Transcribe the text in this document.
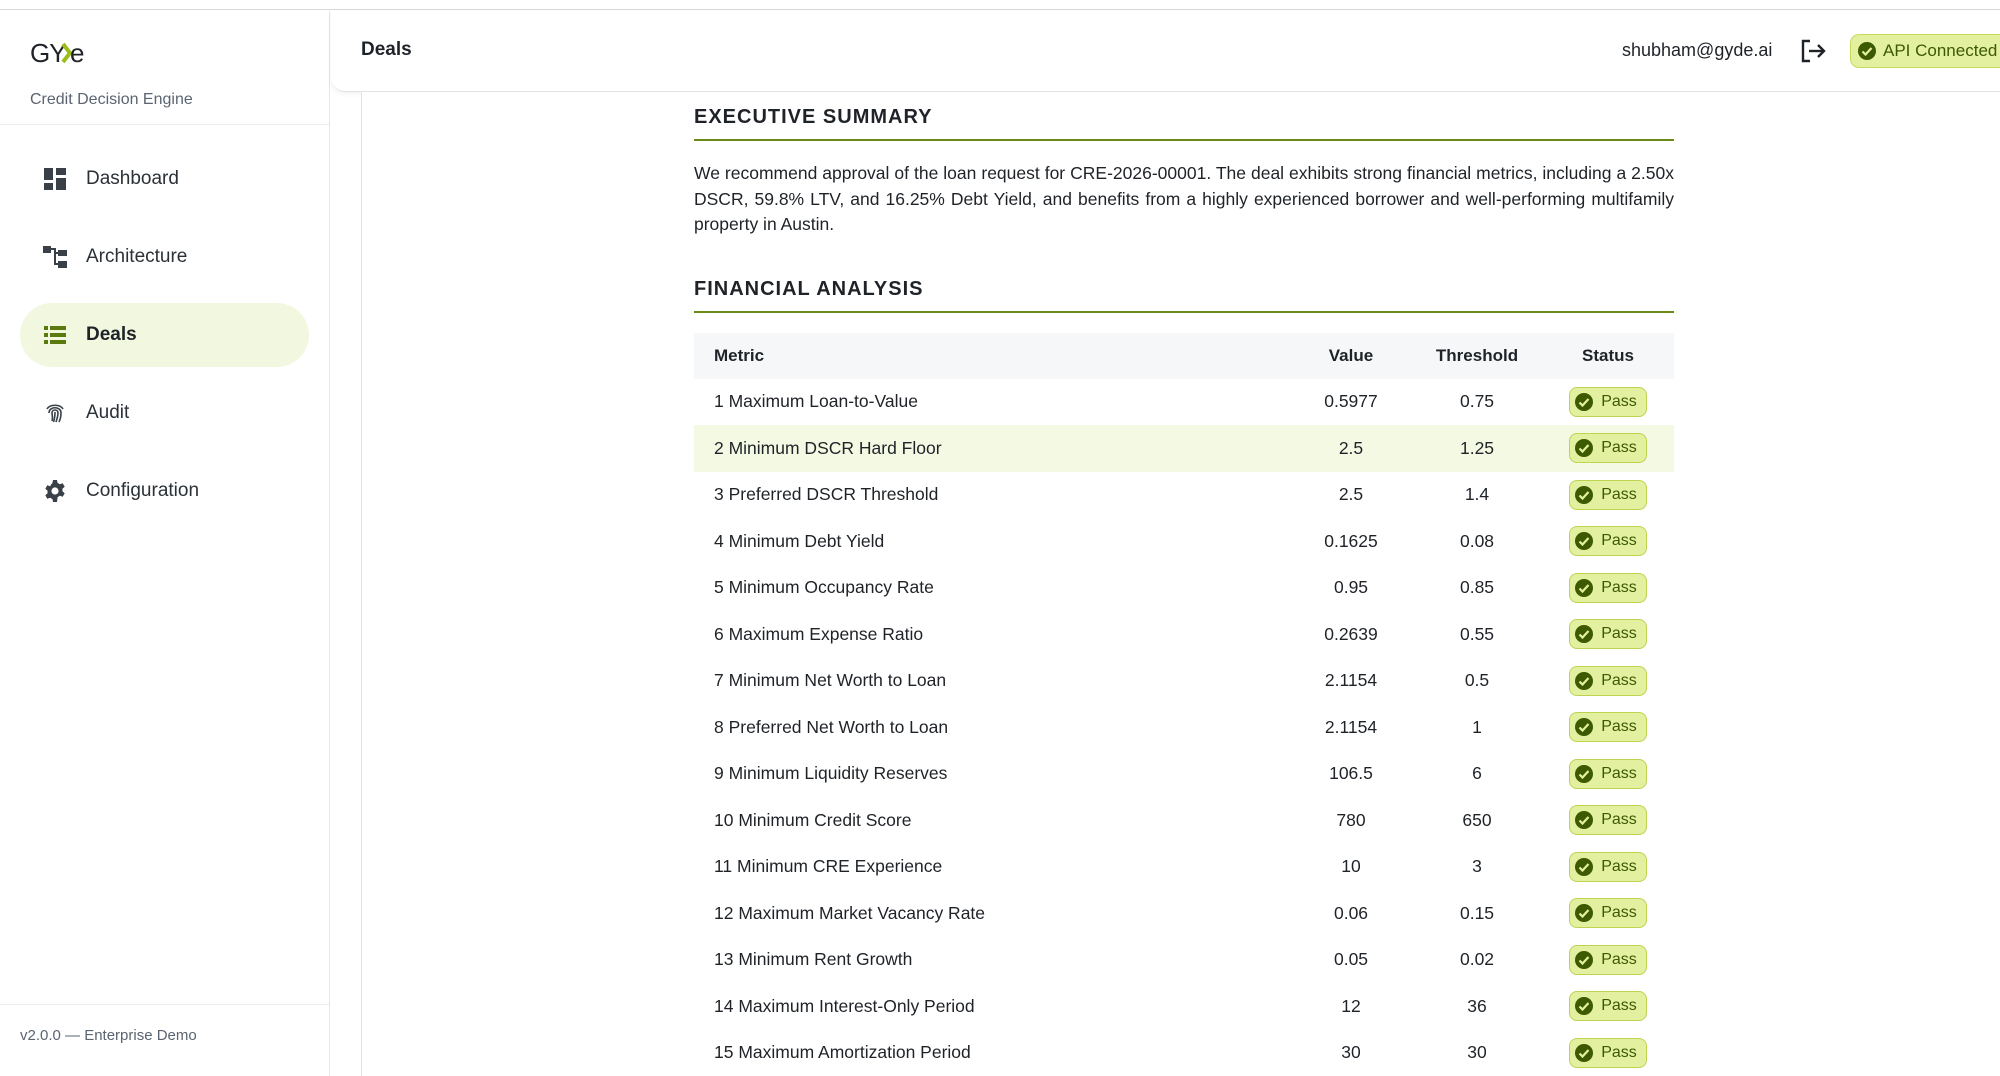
GY e
Credit Decision Engine
Dashboard
Architecture
Deals
Audit
Configuration
v2.0.0 — Enterprise Demo
Deals	shubham@gyde.ai	API Connected
EXECUTIVE SUMMARY

We recommend approval of the loan request for CRE-2026-00001. The deal exhibits strong financial metrics, including a 2.50x DSCR, 59.8% LTV, and 16.25% Debt Yield, and benefits from a highly experienced borrower and well-performing multifamily property in Austin.

FINANCIAL ANALYSIS
Metric	Value	Threshold	Status
1 Maximum Loan-to-Value	0.5977	0.75	Pass

2 Minimum DSCR Hard Floor	2.5	1.25	Pass

3 Preferred DSCR Threshold	2.5	1.4	Pass

4 Minimum Debt Yield	0.1625	0.08	Pass

5 Minimum Occupancy Rate	0.95	0.85	Pass

6 Maximum Expense Ratio	0.2639	0.55	Pass

7 Minimum Net Worth to Loan	2.1154	0.5	Pass

8 Preferred Net Worth to Loan	2.1154	1	Pass

9 Minimum Liquidity Reserves	106.5	6	Pass

10 Minimum Credit Score	780	650	Pass

11 Minimum CRE Experience	10	3	Pass

12 Maximum Market Vacancy Rate	0.06	0.15	Pass

13 Minimum Rent Growth	0.05	0.02	Pass

14 Maximum Interest-Only Period	12	36	Pass

15 Maximum Amortization Period	30	30	Pass
